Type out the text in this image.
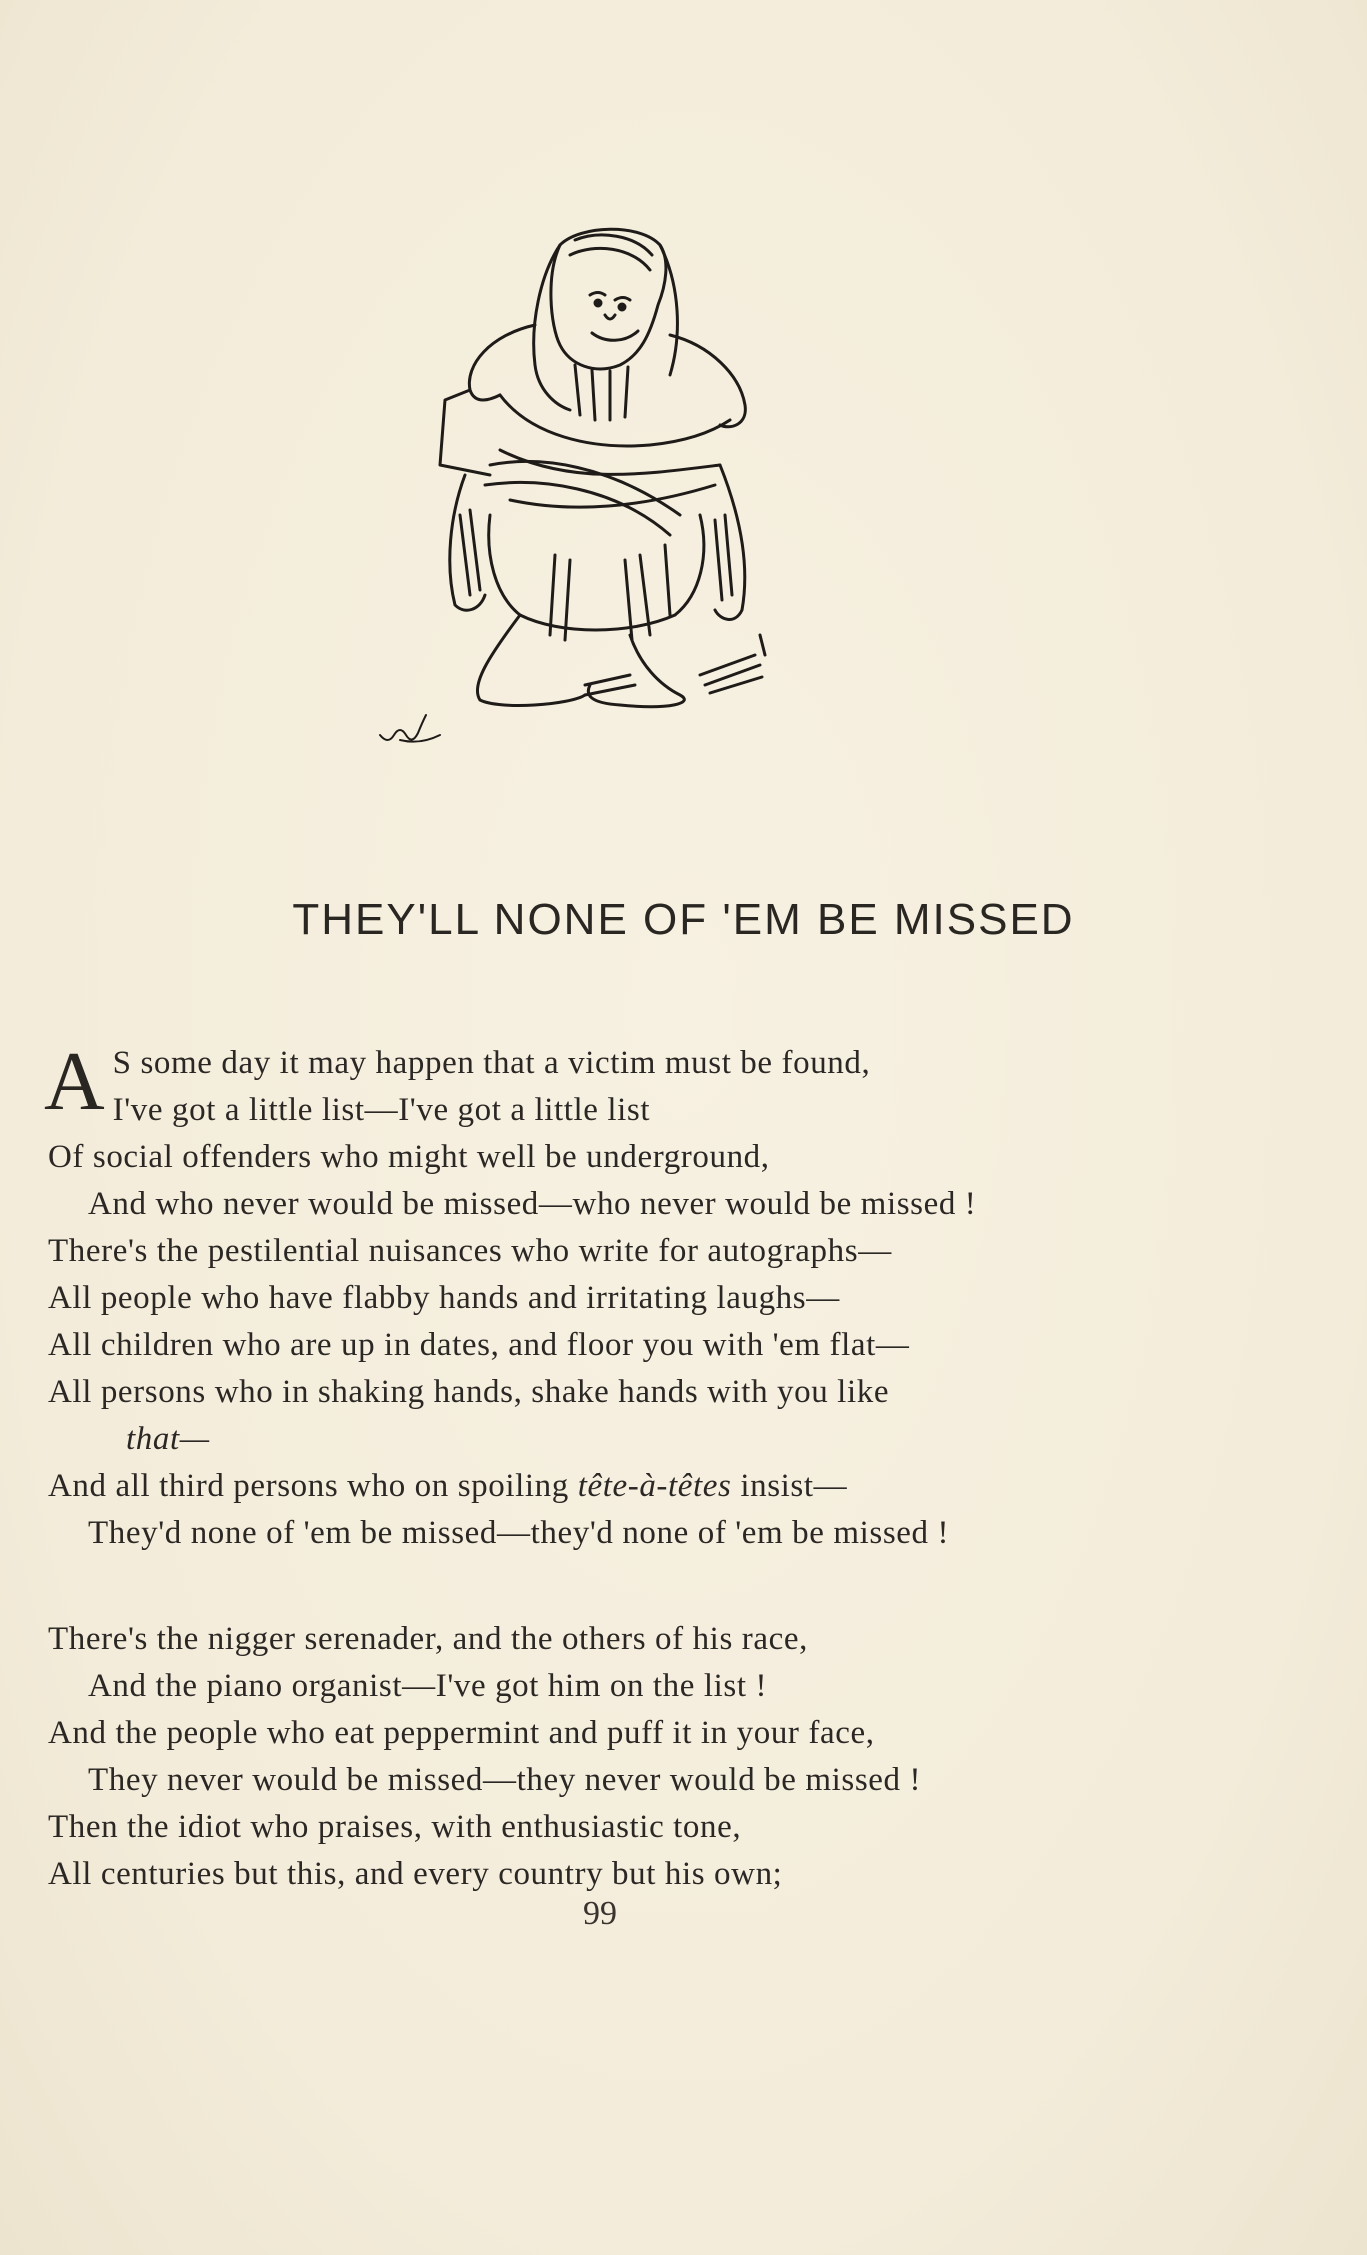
THEY'LL NONE OF 'EM BE MISSED

A S some day it may happen that a victim must be found,
I've got a little list—I've got a little list
Of social offenders who might well be underground,
And who never would be missed—who never would be missed !
There's the pestilential nuisances who write for autographs—
All people who have flabby hands and irritating laughs—
All children who are up in dates, and floor you with 'em flat—
All persons who in shaking hands, shake hands with you like
that—
And all third persons who on spoiling tête-à-têtes insist—
They'd none of 'em be missed—they'd none of 'em be missed !

There's the nigger serenader, and the others of his race,
And the piano organist—I've got him on the list !
And the people who eat peppermint and puff it in your face,
They never would be missed—they never would be missed !
Then the idiot who praises, with enthusiastic tone,
All centuries but this, and every country but his own;

99
